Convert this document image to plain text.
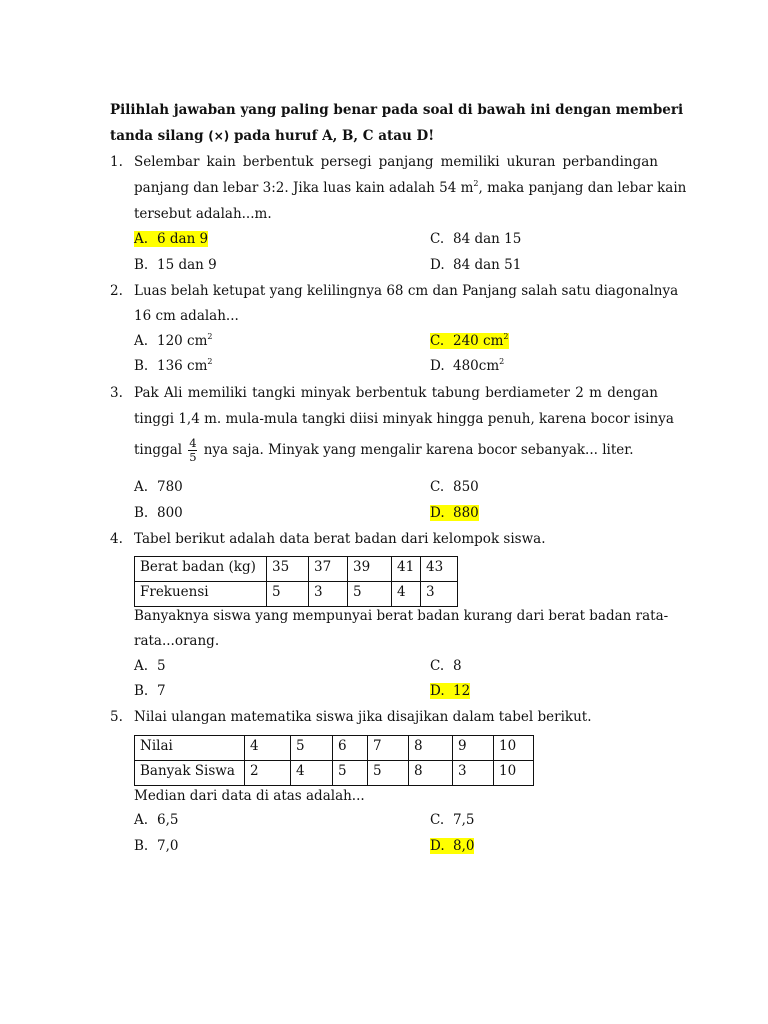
Pilihlah jawaban yang paling benar pada soal di bawah ini dengan memberi
tanda silang (×) pada huruf A, B, C atau D!
1. Selembar kain berbentuk persegi panjang memiliki ukuran perbandingan
panjang dan lebar 3:2. Jika luas kain adalah 54 $m^2$, maka panjang dan lebar kain
tersebut adalah...m.
A. 6 dan 9	C. 84 dan 15
B. 15 dan 9	D. 84 dan 51
2. Luas belah ketupat yang kelilingnya 68 cm dan Panjang salah satu diagonalnya
16 cm adalah...
A. 120 $cm^2$	C. 240 $cm^2$
B. 136 $cm^2$	D. $480cm^2$
3. Pak Ali memiliki tangki minyak berbentuk tabung berdiameter 2 m dengan
tinggi 1,4 m. mula-mula tangki diisi minyak hingga penuh, karena bocor isinya
tinggal $\frac{4}{5}$ nya saja. Minyak yang mengalir karena bocor sebanyak... liter.
A. 780	C. 850
B. 800	D. 880
4. Tabel berikut adalah data berat badan dari kelompok siswa.
Berat badan (kg)	35	37	39	41	43
Frekuensi	5	3	5	4	3
Banyaknya siswa yang mempunyai berat badan kurang dari berat badan rata-
rata...orang.
A. 5	C. 8
B. 7	D. 12
5. Nilai ulangan matematika siswa jika disajikan dalam tabel berikut.
Nilai	4	5	6	7	8	9	10
Banyak Siswa	2	4	5	5	8	3	10
Median dari data di atas adalah...
A. 6,5	C. 7,5
B. 7,0	D. 8,0
